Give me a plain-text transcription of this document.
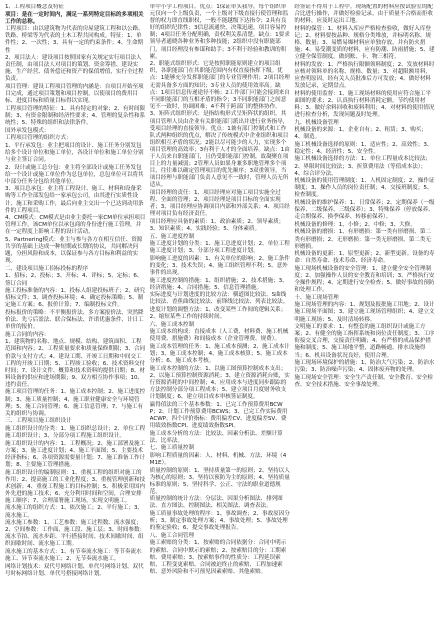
1、工程项目概念及特征

项目：是在一定时间内，满足一系列特定目标的多项相关工作的总称。

工程项目：由以建筑物为代表的房屋建筑工程和以公路、铁路、桥梁等为代表的土木工程共同构成。特征：1、单件性；2、一次性；3、具有一定的约束条件；4、生命期性

2、项目法人：建设项目按照国家有关规定实行项目法人责任制，由项目法人对项目的策划、资金筹措、建设实施、生产经营、债务偿还和资产的保值增值，实行全过程负责。

项目管理：建设工程项目管理的内涵是：自项目开始至项目完成，通过项目策划和项目控制，以使项目的费用目标、进度目标和质量目标得以实现。

工程项目管理的特征：1、具有特定的对象；2、有时间限制；3、有资金限制和经济性要求；4、管理的复杂性和系统性；5、特殊的组织和法律条件。

国外承发包模式：

工程项目管理的组织方式：

1、平行承发包：业主把项目的设计、施工任务分别发包给多个设计单位和施工单位，各设计单位和施工单位分别与业主签订合同。

2、设计或施工总分包：业主将全部设计或施工任务发包给一个设计或施工单位作为总包单位，总包单位可以将其中部分任务分包给其他单位。

3、项目总承包：业主将工程设计、施工、材料和设备采购等工作全部发包给一家承包公司，由其进行实质性设计、施工和采购工作，最后向业主交出一个已达到动用条件的工程项目。

4、CM模式：CM模式是由业主委托一家CM单位承担项目管理工作，该CM单位以承包商的身份进行施工管理，并在一定程度上影响工程的设计活动。

5、Partnering模式：业主与参与各方在相互信任、资源共享的基础上达成一种短期或长期的协议，共同解决问题，分担风险和成本，以保证参与各方目标和利益的实现。

二、建设项目施工招标投标的程序

1、招标；2、投标；3、开标；4、评标；5、定标；6、签订合同

施工投标准备的内容：1、投标人组建投标班子；2、研究招标文件；3、调查投标环境；4、确定投标策略；5、制定施工方案；6、报价计算；7、编制投标文件。

投标报价的策略：不平衡报价法、多方案报价法、突然降价法、先亏后盈法、联合保标法、许诺优惠条件、计日工单价的报价。

施工合同的内容：

1、建筑物的名称、地点、规模、结构、建筑面积、工程范围和内容；2、工程质量要求和质量保修期限；3、合同价款与支付方式；4、建设工期、开竣工日期和中间交工工程的开竣工日期；5、工程竣工验收；6、技术资料交付时间；7、设计文件、概算和技术资料的提供日期；8、材料设备的供应和进场期限；9、双方相互协作事项；10、违约责任。

施工项目管理的任务：1、施工成本控制；2、施工进度控制；3、施工质量控制；4、施工职业健康安全与环境管理；5、施工合同管理；6、施工信息管理；7、与施工有关的组织与协调。

三、工程项目施工组织设计

施工组织设计的分类：1、施工组织总设计；2、单位工程施工组织设计；3、分部分项工程施工组织设计。

施工组织设计的内容：1、工程概况；2、施工部署及施工方案；3、施工进度计划；4、施工平面图；5、主要技术经济指标；6、各项资源需要量计划；7、施工准备工作计划；8、主要施工管理措施。

施工组织设计的编制原则：1、重视工程的组织对施工的作用；2、提高施工的工业化程度；3、重视管理创新和技术创新；4、重视工程施工的目标控制；5、积极采用国内外先进的施工技术；6、充分利用时间和空间，合理安排施工顺序；7、合理部署施工现场，实现文明施工。

流水施工的组织方式：1、依次施工；2、平行施工；3、流水施工。

流水施工参数：1、工艺参数：施工过程数、流水强度；2、空间参数：工作面、施工段、施工层；3、时间参数：流水节拍、流水步距、平行搭接时间、技术间歇时间、组织间歇时间、流水施工工期。

流水施工的基本方式：1、有节奏流水施工：等节奏流水施工、异节奏流水施工；2、无节奏流水施工。

网络计划技术：双代号网络计划、单代号网络计划、双代号时标网络计划、单代号搭接网络计划。

单中小学工程项目。优点：1保证单头我导，每个组织单元仅向一个上级负责，一个上级对下级直接行使管理和监督的权力即直线职权，一般不能越级下达指令；2具有良好的组织纪律性；3信息流通快，决策迅速，项目容易控制；4项目任务分配明确，责权利关系清楚。缺点：1要求领导者通晓各种业务和多种技能；2组织中没有职能部门，项目经理没有参谋和助手；3不利于经验和教训的积累。

2、职能式组织形式：它是按照职能原则建立的项目组织，各职能部门在其职能范围内有权直接指挥下级。优点：1能够充分发挥职能部门的专业管理作用；2项目经理无需具备多方面的知识；3专业人员的使用效率高。缺点：1项目信息传递途径不畅；2工作部门可能会接到来自不同职能部门的互相矛盾的指令；3不同职能部门之间意见不一致时，协调困难；4不利于跨部门的整体协作。

3、矩阵式组织形式：是指结构形式呈矩阵状的组织，其项目管理人员由企业有关职能部门派出并进行业务指导，受项目经理的直接领导。优点：1兼有部门控制式和工作队式两种组织的优点，解决了传统模式中企业组织和项目组织相互矛盾的状况；2能以尽可能少的人力，实现多个项目管理的高效率；3有利于人才的全面培养。缺点：1由于人员来自职能部门，且仍受职能部门控制，故凝聚在项目上的力量减弱；2管理人员如果身兼多职地管理多个项目，往往难以确定管理项目的优先顺序；3双重领导，当项目经理与职能部门负责人意见不一致时，管理人员无所适从。

项目经理的责任：1、项目经理应对施工项目实施全过程、全面的管理；2、项目经理是项目目标的全面实现者；3、项目经理应协调项目内部和外部关系；4、项目经理对项目负有经济责任。

项目经理应具备的素质：1、政治素质；2、领导素质；3、知识素质；4、实践经验；5、身体素质。

五、施工进度控制

施工进度计划的分类：1、施工总进度计划；2、单位工程施工进度计划；3、分部分项工程进度计划。

影响施工进度的因素：1、有关单位的影响；2、施工条件的变化；3、技术失误；4、施工组织管理不利；5、意外事件的出现。

施工进度控制的措施：1、组织措施；2、技术措施；3、经济措施；4、合同措施；5、信息管理措施。

实际进度与计划进度的比较方法：横道图比较法、S曲线比较法、香蕉曲线比较法、前锋线比较法、列表比较法。

进度计划的调整方法：1、改变某些工作间的逻辑关系；2、缩短某些工作的持续时间。

六、施工成本控制

施工成本的构成：直接成本（人工费、材料费、施工机械使用费、措施费）和间接成本（企业管理费、规费）。

施工成本管理的任务：1、施工成本预测；2、施工成本计划；3、施工成本控制；4、施工成本核算；5、施工成本分析；6、施工成本考核。

施工成本控制的方法：1、以施工图预算控制成本支出；2、以施工预算控制资源消耗；3、建立资源消耗台账，实行资源消耗的中间控制；4、应用成本与进度同步跟踪的方法控制分部分项工程成本；5、建立项目月度财务收支计划制度；6、建立项目成本审核签证制度。

赢得值法的三个基本参数：1、已完工作预算费用BCWP；2、计划工作预算费用BCWS；3、已完工作实际费用ACWP。四个评价指标：费用偏差CV、进度偏差SV、费用绩效指数CPI、进度绩效指数SPI。

施工成本分析的方法：比较法、因素分析法、差额计算法、比率法。

七、施工质量控制

影响工程质量的因素：人、材料、机械、方法、环境（4M1E）。

质量控制的原则：1、坚持质量第一的原则；2、坚持以人为核心的原则；3、坚持以预防为主的原则；4、坚持质量标准的原则；5、坚持科学、公正、守法的职业道德规范。

质量控制的统计方法：分层法、因果分析图法、排列图法、直方图法、控制图法、相关图法、调查表法。

施工质量事故处理的程序：1、事故调查；2、事故原因分析；3、制定事故处理方案；4、事故处理；5、事故处理的鉴定验收；6、提交事故处理报告。

八、施工合同管理

施工索赔的分类：1、按索赔的合同依据分：合同中明示的索赔、合同中默示的索赔；2、按索赔目的分：工期索赔、费用索赔；3、按索赔事件的性质分：工程延误索赔、工程变更索赔、合同被迫终止的索赔、工程加速索赔、意外风险和不可预见因素索赔、其他索赔。

经签证不得用于工程中。现场配置的材料应按试验室的配合比进行操作，并做好检验记录。由于质量不合格而拒收的材料，应及时运出工地。

材料的保管：1、材料入库应严格检查验收，做好入库登记；2、材料要按品种、规格分类堆放，并标明名称、规格、数量；3、易燃易爆材料应单独存放，并有防火措施；4、易受潮变质的材料，应有防潮、防雨措施；5、建立健全保管制度，做到账、卡、物三相符。

材料的发放：1、严格执行限额领料制度；2、发放材料时应核对领料单的名称、规格、数量；3、对超限额用料，应查明原因，经有关人员批准后方可发放；4、做好材料发放记录，定期盘点。

材料的使用监督：1、施工现场材料的使用应符合施工平面图的要求；2、认真执行材料消耗定额，节约使用材料；3、做好余料回收和废料利用；4、对材料的使用情况进行检查分析，发现问题及时处理。

九、机械设备管理

机械设备的来源：1、企业自有；2、租赁；3、购买；4、制造。

施工机械设备选择的原则：1、适应性；2、高效性；3、稳定性；4、经济性；5、安全性。

施工机械设备选择的方法：1、单位工程量成本比较法；2、界限时间比较法；3、折算费用法（等值成本法）；4、综合评分法。

机械设备的使用管理制度：1、人机固定制度；2、操作证制度；3、操作人员的岗位责任制；4、交接班制度；5、检查制度。

机械设备的维护保养：1、日常保养；2、定期保养（一级保养、二级保养、三级保养）；3、特殊保养（停放保养、走合期保养、换季保养、转移前保养）。

机械设备的修理：1、小修；2、中修；3、大修。

机械设备的磨损：1、有形磨损：第一类有形磨损、第二类有形磨损；2、无形磨损：第一类无形磨损、第二类无形磨损。

机械设备的更新：1、原型更新；2、新型更新。设备的寿命：自然寿命、技术寿命、经济寿命。

施工现场机械设备的安全管理：1、建立健全安全管理制度；2、加强操作人员的安全教育和培训；3、严格执行安全操作规程；4、定期进行安全检查；5、做好事故的预防和处理工作。

十、施工现场管理

施工现场管理的内容：1、规划及报批施工用地；2、设计施工现场平面图；3、建立施工现场管理组织；4、建立文明施工现场；5、及时清场转移。

文明施工的要求：1、有整套的施工组织设计或施工方案；2、有健全的施工指挥系统和岗位责任制度；3、工序衔接交叉合理，交接责任明确；4、有严格的成品保护措施和制度；5、施工场地平整，道路畅通，排水设施得当；6、机具设备状况良好，使用合理。

施工现场环境保护的措施：1、防治大气污染；2、防治水污染；3、防治噪声污染；4、固体废弃物的处理。

施工现场安全管理：安全生产责任制、安全教育、安全检查、安全技术措施、安全事故处理。
